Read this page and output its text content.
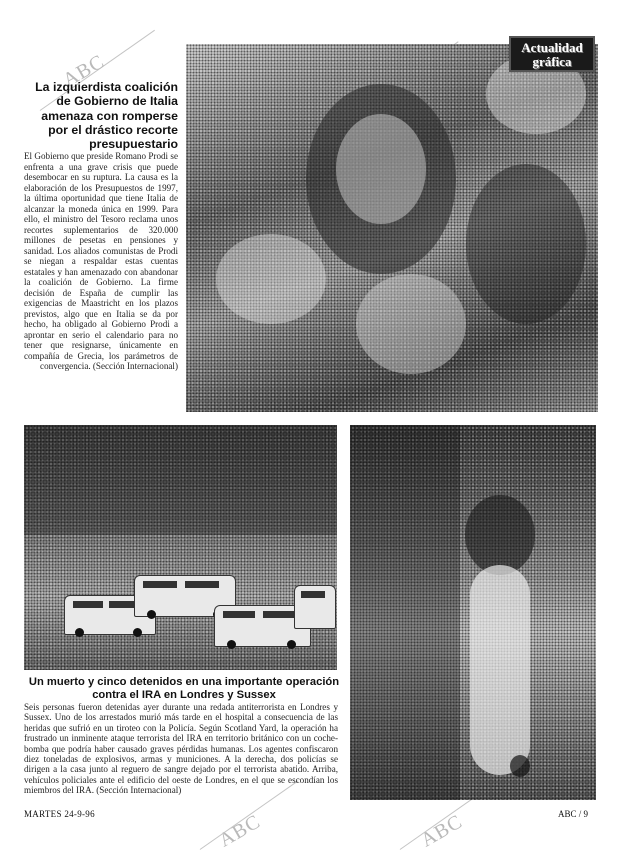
ABC
ABC	ABC
◦
Actualidad
gráfica
La izquierdista coalición de Gobierno de Italia amenaza con romperse por el drástico recorte presupuestario
El Gobierno que preside Romano Prodi se enfrenta a una grave crisis que puede desembocar en su ruptura. La causa es la elaboración de los Presupuestos de 1997, la última oportunidad que tiene Italia de alcanzar la moneda única en 1999. Para ello, el ministro del Tesoro reclama unos recortes suplementarios de 320.000 millones de pesetas en pensiones y sanidad. Los aliados comunistas de Prodi se niegan a respaldar estas cuentas estatales y han amenazado con abandonar la coalición de Gobierno. La firme decisión de España de cumplir las exigencias de Maastricht en los plazos previstos, algo que en Italia se da por hecho, ha obligado al Gobierno Prodi a aprontar en serio el calendario para no tener que resignarse, únicamente en compañía de Grecia, los parámetros de convergencia. (Sección Internacional)
Un muerto y cinco detenidos en una importante operación contra el IRA en Londres y Sussex
Seis personas fueron detenidas ayer durante una redada antiterrorista en Londres y Sussex. Uno de los arrestados murió más tarde en el hospital a consecuencia de las heridas que sufrió en un tiroteo con la Policía. Según Scotland Yard, la operación ha frustrado un inminente ataque terrorista del IRA en territorio británico con un coche-bomba que podría haber causado graves pérdidas humanas. Los agentes confiscaron diez toneladas de explosivos, armas y municiones. A la derecha, dos policías se dirigen a la casa junto al reguero de sangre dejado por el terrorista abatido. Arriba, vehículos policiales ante el edificio del oeste de Londres, en el que se escondían los miembros del IRA. (Sección Internacional)
MARTES 24-9-96	ABC / 9
